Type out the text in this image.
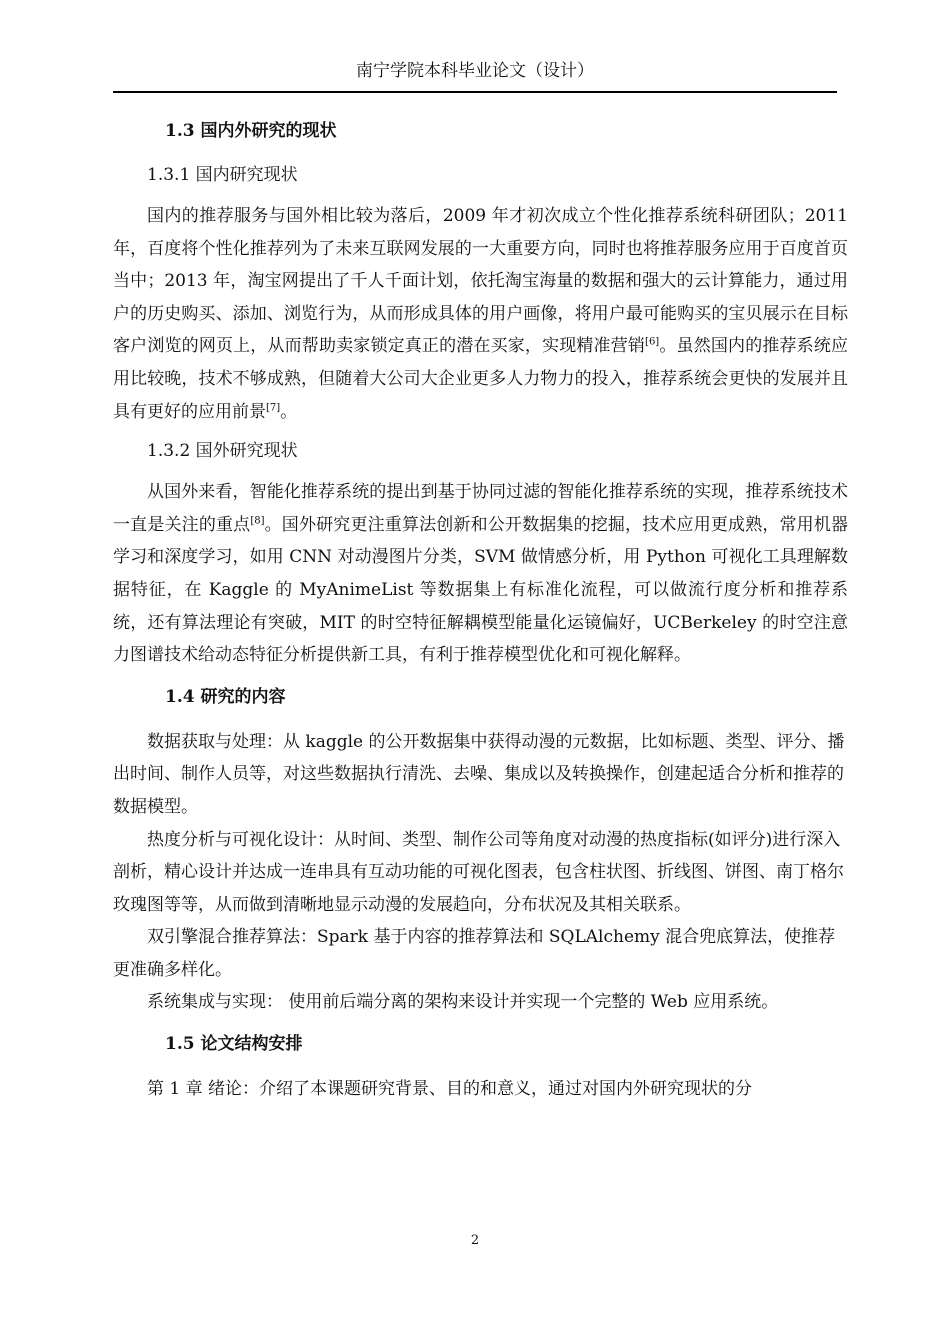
南宁学院本科毕业论文（设计）
1.3 国内外研究的现状
1.3.1 国内研究现状

国内的推荐服务与国外相比较为落后，2009 年才初次成立个性化推荐系统科研团队；2011 年，百度将个性化推荐列为了未来互联网发展的一大重要方向，同时也将推荐服务应用于百度首页当中；2013 年，淘宝网提出了千人千面计划，依托淘宝海量的数据和强大的云计算能力，通过用户的历史购买、添加、浏览行为，从而形成具体的用户画像，将用户最可能购买的宝贝展示在目标客户浏览的网页上，从而帮助卖家锁定真正的潜在买家，实现精准营销[6]。虽然国内的推荐系统应用比较晚，技术不够成熟，但随着大公司大企业更多人力物力的投入，推荐系统会更快的发展并且具有更好的应用前景[7]。

1.3.2 国外研究现状

从国外来看，智能化推荐系统的提出到基于协同过滤的智能化推荐系统的实现，推荐系统技术一直是关注的重点[8]。国外研究更注重算法创新和公开数据集的挖掘，技术应用更成熟，常用机器学习和深度学习，如用 CNN 对动漫图片分类，SVM 做情感分析，用 Python 可视化工具理解数据特征，在 Kaggle 的 MyAnimeList 等数据集上有标准化流程，可以做流行度分析和推荐系统，还有算法理论有突破，MIT 的时空特征解耦模型能量化运镜偏好，UCBerkeley 的时空注意力图谱技术给动态特征分析提供新工具，有利于推荐模型优化和可视化解释。

1.4 研究的内容

数据获取与处理：从 kaggle 的公开数据集中获得动漫的元数据，比如标题、类型、评分、播出时间、制作人员等，对这些数据执行清洗、去噪、集成以及转换操作，创建起适合分析和推荐的数据模型。

热度分析与可视化设计：从时间、类型、制作公司等角度对动漫的热度指标(如评分)进行深入剖析，精心设计并达成一连串具有互动功能的可视化图表，包含柱状图、折线图、饼图、南丁格尔玫瑰图等等，从而做到清晰地显示动漫的发展趋向，分布状况及其相关联系。

双引擎混合推荐算法：Spark 基于内容的推荐算法和 SQLAlchemy 混合兜底算法，使推荐更准确多样化。

系统集成与实现： 使用前后端分离的架构来设计并实现一个完整的 Web 应用系统。

1.5 论文结构安排

第 1 章 绪论：介绍了本课题研究背景、目的和意义，通过对国内外研究现状的分

2
